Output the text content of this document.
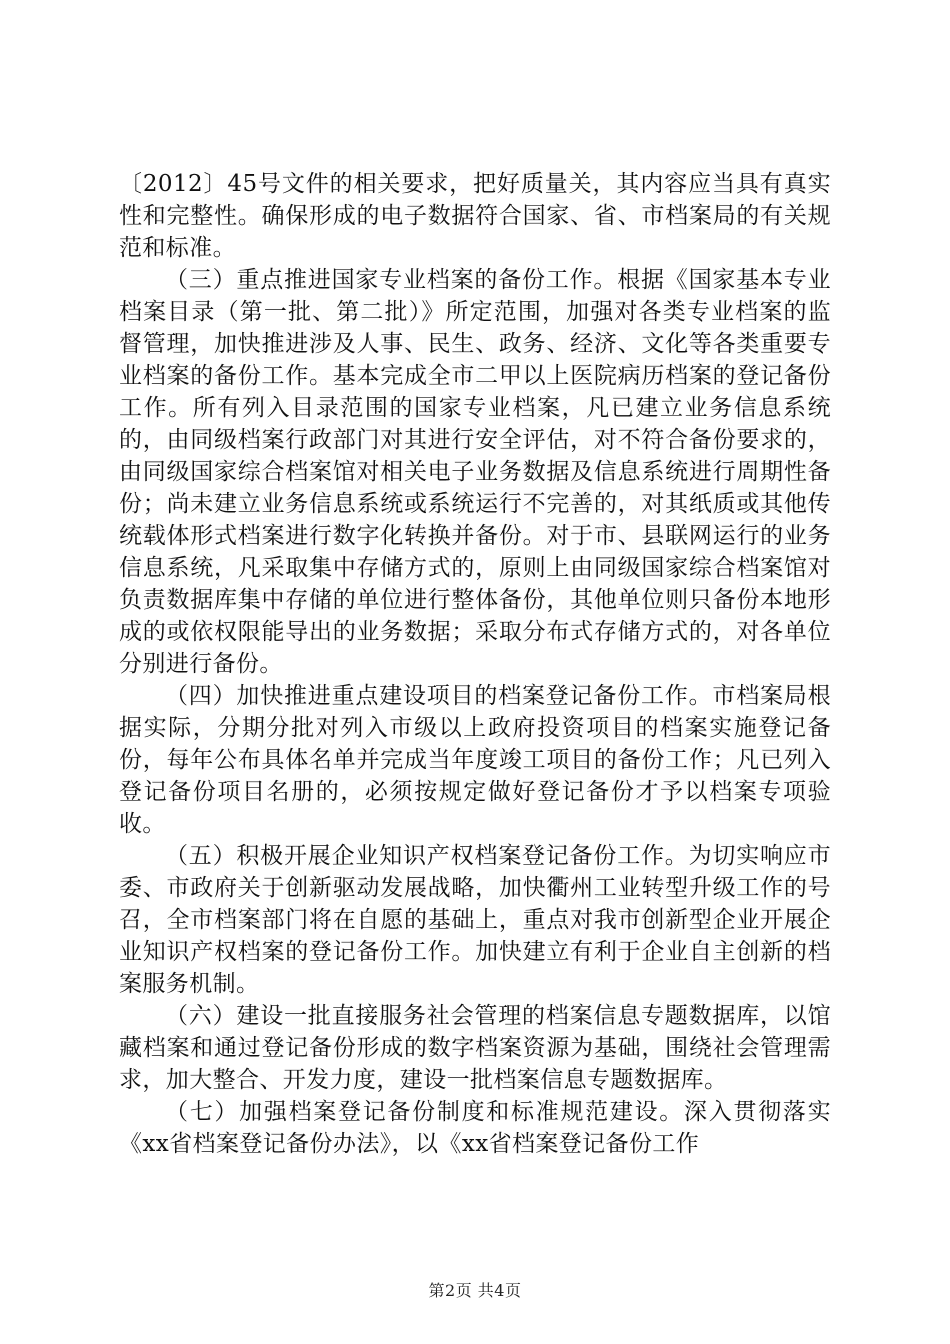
〔2012〕45号文件的相关要求，把好质量关，其内容应当具有真实性和完整性。确保形成的电子数据符合国家、省、市档案局的有关规范和标准。

（三）重点推进国家专业档案的备份工作。根据《国家基本专业档案目录（第一批、第二批）》所定范围，加强对各类专业档案的监督管理，加快推进涉及人事、民生、政务、经济、文化等各类重要专业档案的备份工作。基本完成全市二甲以上医院病历档案的登记备份工作。所有列入目录范围的国家专业档案，凡已建立业务信息系统的，由同级档案行政部门对其进行安全评估，对不符合备份要求的，由同级国家综合档案馆对相关电子业务数据及信息系统进行周期性备份；尚未建立业务信息系统或系统运行不完善的，对其纸质或其他传统载体形式档案进行数字化转换并备份。对于市、县联网运行的业务信息系统，凡采取集中存储方式的，原则上由同级国家综合档案馆对负责数据库集中存储的单位进行整体备份，其他单位则只备份本地形成的或依权限能导出的业务数据；采取分布式存储方式的，对各单位分别进行备份。

（四）加快推进重点建设项目的档案登记备份工作。市档案局根据实际，分期分批对列入市级以上政府投资项目的档案实施登记备份，每年公布具体名单并完成当年度竣工项目的备份工作；凡已列入登记备份项目名册的，必须按规定做好登记备份才予以档案专项验收。

（五）积极开展企业知识产权档案登记备份工作。为切实响应市委、市政府关于创新驱动发展战略，加快衢州工业转型升级工作的号召，全市档案部门将在自愿的基础上，重点对我市创新型企业开展企业知识产权档案的登记备份工作。加快建立有利于企业自主创新的档案服务机制。

（六）建设一批直接服务社会管理的档案信息专题数据库，以馆藏档案和通过登记备份形成的数字档案资源为基础，围绕社会管理需求，加大整合、开发力度，建设一批档案信息专题数据库。

（七）加强档案登记备份制度和标准规范建设。深入贯彻落实《xx省档案登记备份办法》，以《xx省档案登记备份工作

第2页 共4页
